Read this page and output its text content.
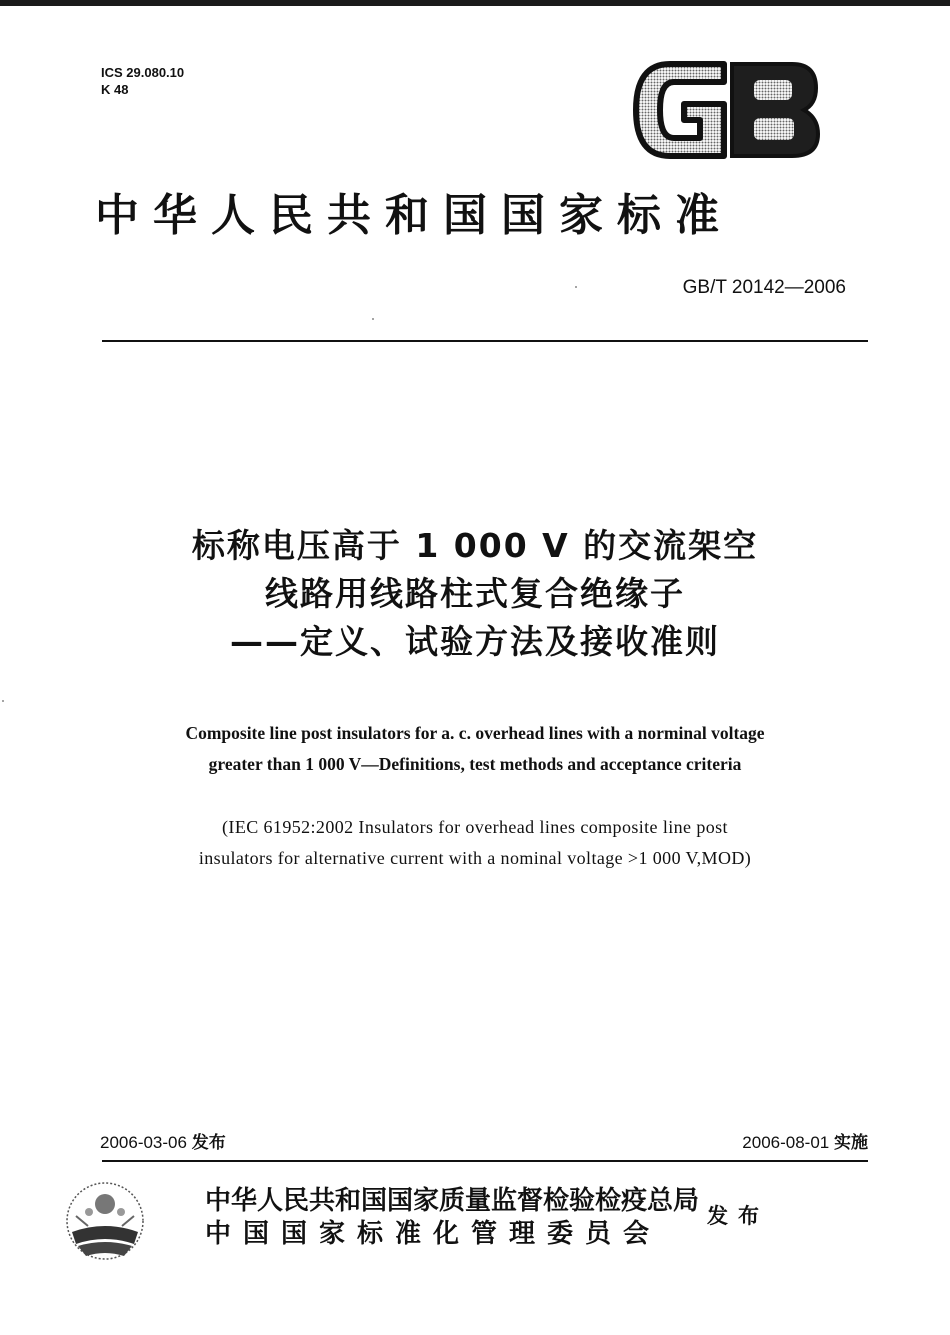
ICS 29.080.10
K 48
GB
中华人民共和国国家标准
GB/T 20142—2006
标称电压高于 1 000 V 的交流架空
线路用线路柱式复合绝缘子
——定义、试验方法及接收准则
Composite line post insulators for a. c. overhead lines with a norminal voltage
greater than 1 000 V—Definitions, test methods and acceptance criteria
(IEC 61952:2002 Insulators for overhead lines composite line post
insulators for alternative current with a nominal voltage >1 000 V,MOD)
2006-03-06 发布	2006-08-01 实施
中华人民共和国国家质量监督检验检疫总局
中国国家标准化管理委员会
发布
